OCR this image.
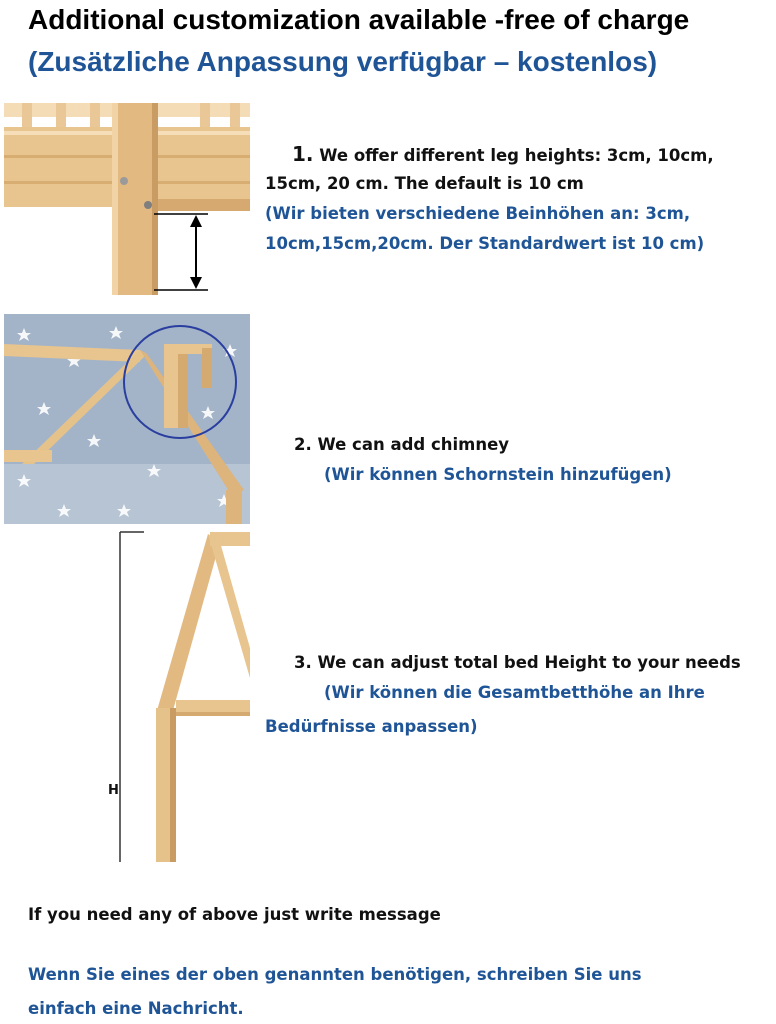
Additional customization available -free of charge
(Zusätzliche Anpassung verfügbar – kostenlos)
1. We offer different leg heights: 3cm, 10cm,
15cm, 20 cm. The default is 10 cm
(Wir bieten verschiedene Beinhöhen an: 3cm,
10cm,15cm,20cm. Der Standardwert ist 10 cm)
2. We can add chimney
(Wir können Schornstein hinzufügen)
H
3. We can adjust total bed Height to your needs
(Wir können die Gesamtbetthöhe an Ihre
Bedürfnisse anpassen)
If you need any of above just write message
Wenn Sie eines der oben genannten benötigen, schreiben Sie uns
einfach eine Nachricht.
